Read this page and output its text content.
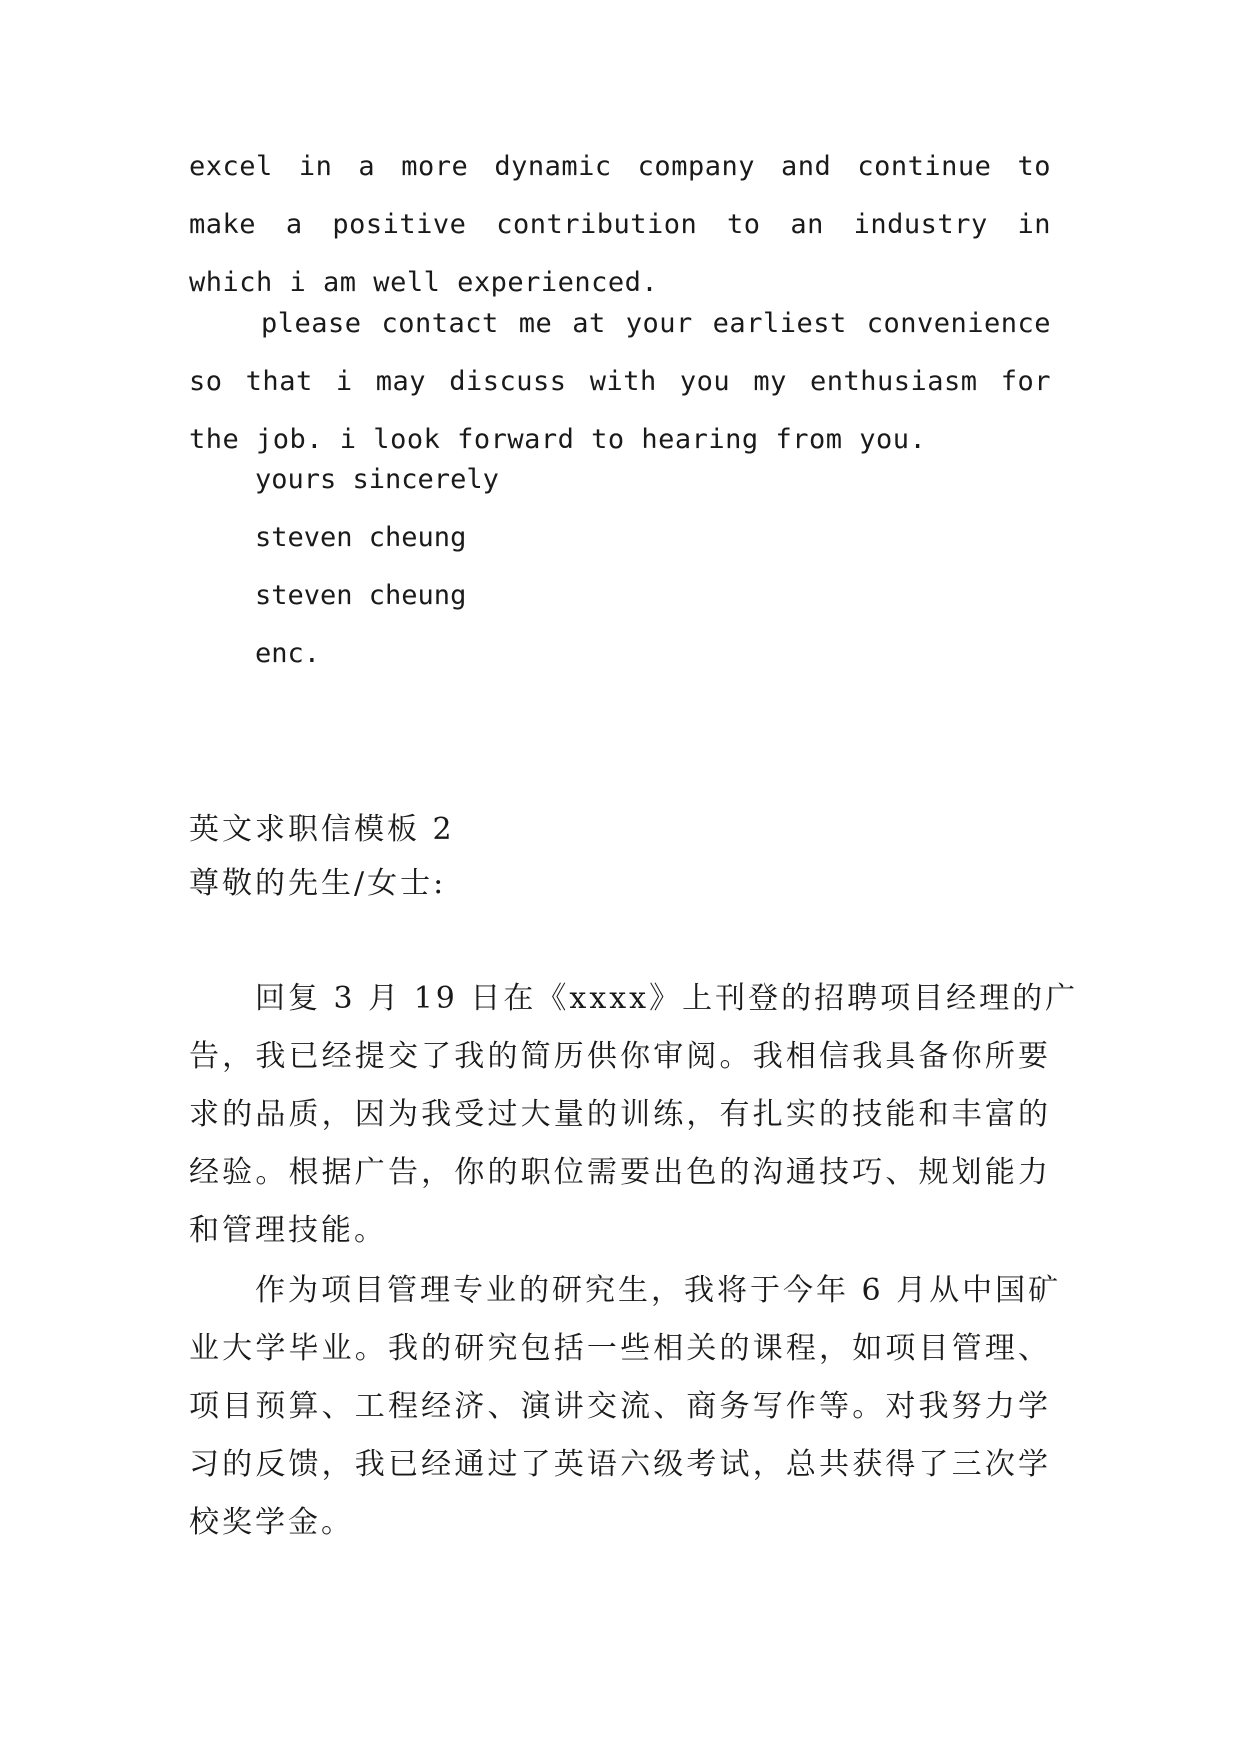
excel in a more dynamic company and continue to
make a positive contribution to an industry in
which i am well experienced.
please contact me at your earliest convenience
so that i may discuss with you my enthusiasm for
the job. i look forward to hearing from you.
yours sincerely
steven cheung
steven cheung
enc.
英文求职信模板 2
尊敬的先生/女士:
回复 3 月 19 日在《xxxx》上刊登的招聘项目经理的广
告，我已经提交了我的简历供你审阅。我相信我具备你所要
求的品质，因为我受过大量的训练，有扎实的技能和丰富的
经验。根据广告，你的职位需要出色的沟通技巧、规划能力
和管理技能。
作为项目管理专业的研究生，我将于今年 6 月从中国矿
业大学毕业。我的研究包括一些相关的课程，如项目管理、
项目预算、工程经济、演讲交流、商务写作等。对我努力学
习的反馈，我已经通过了英语六级考试，总共获得了三次学
校奖学金。
